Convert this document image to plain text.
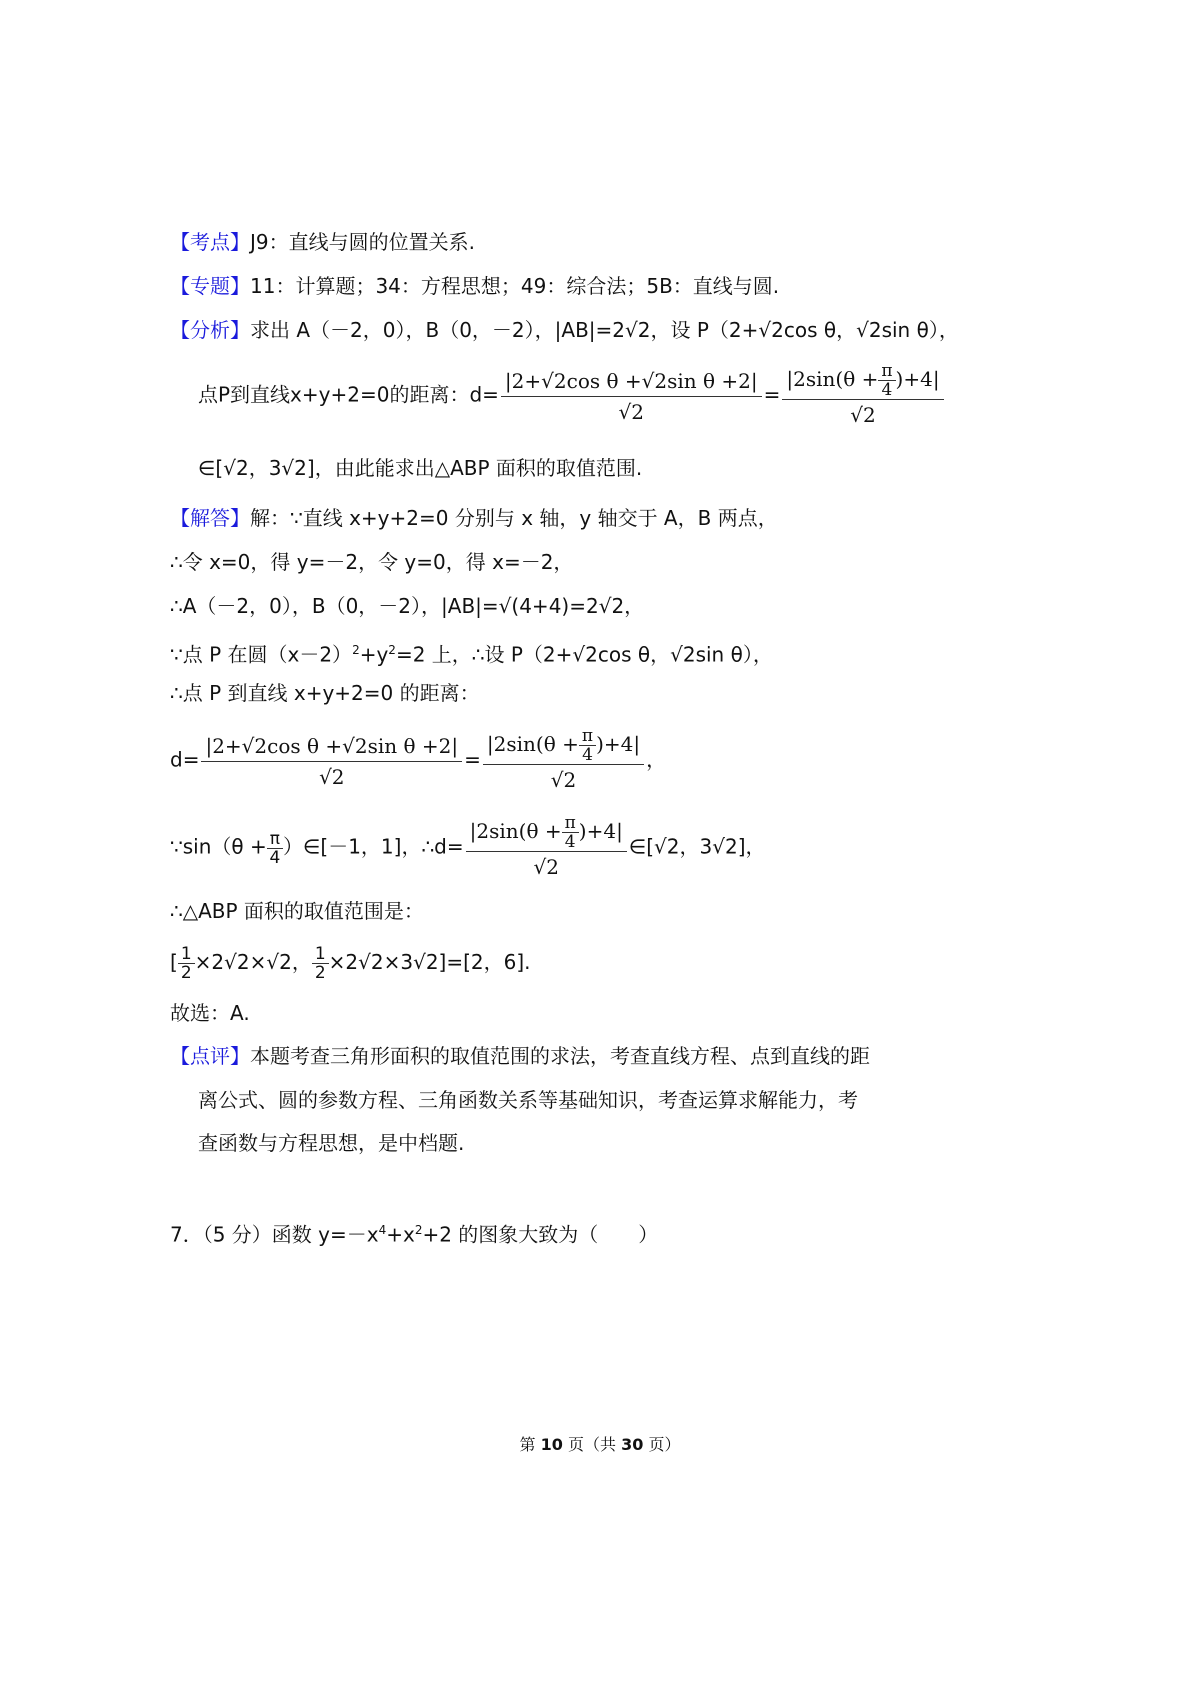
【考点】J9：直线与圆的位置关系.
【专题】11：计算题；34：方程思想；49：综合法；5B：直线与圆.
【分析】求出 A（－2，0），B（0，－2），|AB|=2√2，设 P（2+√2cos θ，√2sin θ），
点P到直线x+y+2=0的距离：$d= \frac{\text{|2+√2cos θ +√2sin θ +2|}}{√2} = \frac{|2\sin(\theta + \frac{\pi}{4} )+4|}{√2}$
∈[√2，3√2]，由此能求出△ABP 面积的取值范围.
【解答】解：∵直线 x+y+2=0 分别与 x 轴，y 轴交于 A，B 两点，
∴令 x=0，得 y=－2，令 y=0，得 x=－2，
∴A（－2，0），B（0，－2），|AB|=√(4+4)=2√2，
∵点 P 在圆$(x-2)^2+y^2=2$ 上，∴设 P（2+√2cos θ，√2sin θ），
∴点 P 到直线 x+y+2=0 的距离：
$d= \frac{\text{|2+√2cos θ +√2sin θ +2|}}{√2} = \frac{|2\sin(\theta + \frac{\pi}{4} )+4|}{√2}$ ，
∵sin（θ + $\frac{\pi}{4}$ ）∈[－1，1]，∴d= $\frac{|2\sin(\theta + \frac{\pi}{4} )+4|}{√2}$ ∈[√2，3√2]，
∴△ABP 面积的取值范围是：
[ $\frac{1}{2} \times 2√2\times√2$， $\frac{1}{2} \times 2√2\times 3√2]=[2$，6].
故选：A.
【点评】本题考查三角形面积的取值范围的求法，考查直线方程、点到直线的距
离公式、圆的参数方程、三角函数关系等基础知识，考查运算求解能力，考
查函数与方程思想，是中档题.
7．（5 分）函数 $y=-x^4+x^2+2$ 的图象大致为（　　）
第 10 页（共 30 页）
